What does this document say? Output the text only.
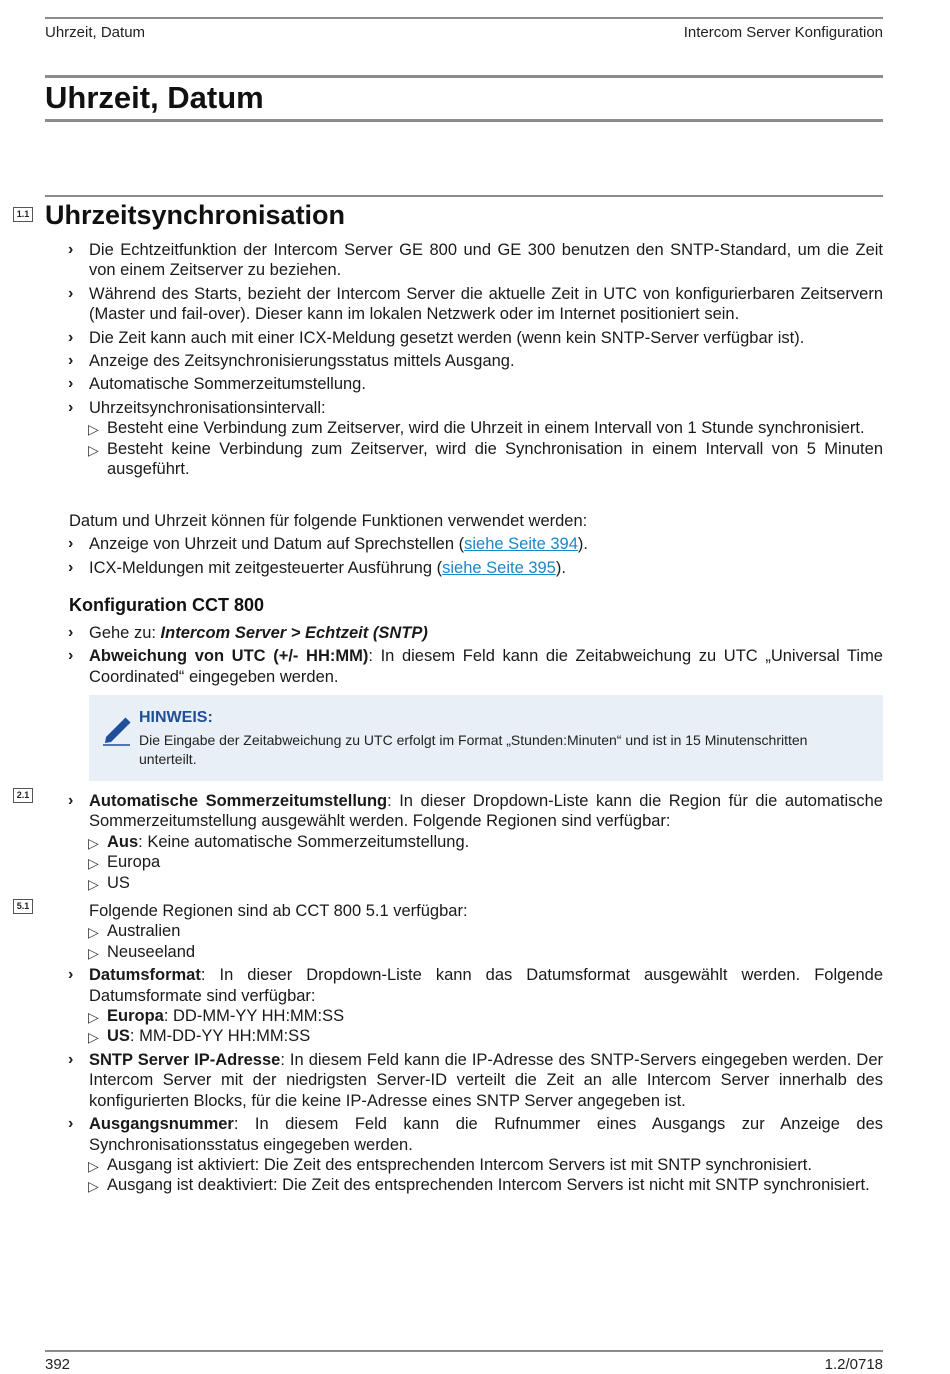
Uhrzeit, Datum	Intercom Server Konfiguration
Uhrzeit, Datum
1.1 Uhrzeitsynchronisation
› Die Echtzeitfunktion der Intercom Server GE 800 und GE 300 benutzen den SNTP-Standard, um die Zeit von einem Zeitserver zu beziehen.
› Während des Starts, bezieht der Intercom Server die aktuelle Zeit in UTC von konfigurierbaren Zeitservern (Master und fail-over). Dieser kann im lokalen Netzwerk oder im Internet positioniert sein.
› Die Zeit kann auch mit einer ICX-Meldung gesetzt werden (wenn kein SNTP-Server verfügbar ist).
› Anzeige des Zeitsynchronisierungsstatus mittels Ausgang.
› Automatische Sommerzeitumstellung.
› Uhrzeitsynchronisationsintervall:
▷ Besteht eine Verbindung zum Zeitserver, wird die Uhrzeit in einem Intervall von 1 Stunde synchronisiert.
▷ Besteht keine Verbindung zum Zeitserver, wird die Synchronisation in einem Intervall von 5 Minuten ausgeführt.

Datum und Uhrzeit können für folgende Funktionen verwendet werden:

› Anzeige von Uhrzeit und Datum auf Sprechstellen (siehe Seite 394).
› ICX-Meldungen mit zeitgesteuerter Ausführung (siehe Seite 395).
Konfiguration CCT 800
› Gehe zu: Intercom Server > Echtzeit (SNTP)
› Abweichung von UTC (+/- HH:MM): In diesem Feld kann die Zeitabweichung zu UTC „Universal Time Coordinated“ eingegeben werden.
HINWEIS:
Die Eingabe der Zeitabweichung zu UTC erfolgt im Format „Stunden:Minuten“ und ist in 15 Minutenschritten unterteilt.
2.1
5.1
› Automatische Sommerzeitumstellung: In dieser Dropdown-Liste kann die Region für die automatische Sommerzeitumstellung ausgewählt werden. Folgende Regionen sind verfügbar:
▷ Aus: Keine automatische Sommerzeitumstellung.
▷ Europa
▷ US

Folgende Regionen sind ab CCT 800 5.1 verfügbar:

▷ Australien
▷ Neuseeland
› Datumsformat: In dieser Dropdown-Liste kann das Datumsformat ausgewählt werden. Folgende Datumsformate sind verfügbar:
▷ Europa: DD-MM-YY HH:MM:SS
▷ US: MM-DD-YY HH:MM:SS
› SNTP Server IP-Adresse: In diesem Feld kann die IP-Adresse des SNTP-Servers eingegeben werden. Der Intercom Server mit der niedrigsten Server-ID verteilt die Zeit an alle Intercom Server innerhalb des konfigurierten Blocks, für die keine IP-Adresse eines SNTP Server angegeben ist.
› Ausgangsnummer: In diesem Feld kann die Rufnummer eines Ausgangs zur Anzeige des Synchronisationsstatus eingegeben werden.
▷ Ausgang ist aktiviert: Die Zeit des entsprechenden Intercom Servers ist mit SNTP synchronisiert.
▷ Ausgang ist deaktiviert: Die Zeit des entsprechenden Intercom Servers ist nicht mit SNTP synchronisiert.
392	1.2/0718
